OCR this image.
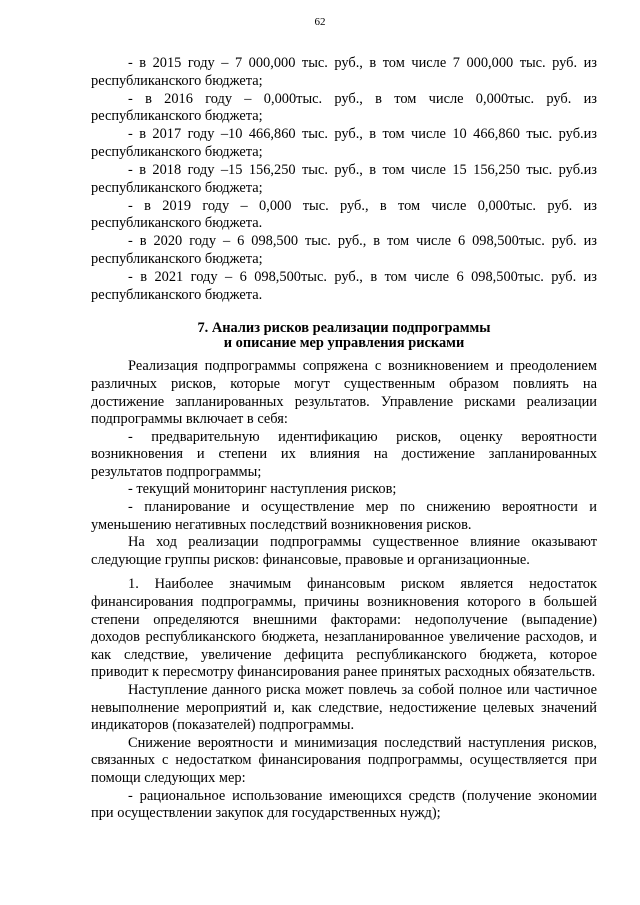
62

- в 2015 году – 7 000,000 тыс. руб., в том числе 7 000,000 тыс. руб. из республиканского бюджета;

- в 2016 году – 0,000тыс. руб., в том числе 0,000тыс. руб. из республиканского бюджета;

- в 2017 году –10 466,860 тыс. руб., в том числе 10 466,860 тыс. руб.из республиканского бюджета;

- в 2018 году –15 156,250 тыс. руб., в том числе 15 156,250 тыс. руб.из республиканского бюджета;

- в 2019 году – 0,000 тыс. руб., в том числе 0,000тыс. руб. из республиканского бюджета.

- в 2020 году – 6 098,500 тыс. руб., в том числе 6 098,500тыс. руб. из республиканского бюджета;

- в 2021 году – 6 098,500тыс. руб., в том числе 6 098,500тыс. руб. из республиканского бюджета.

7. Анализ рисков реализации подпрограммы
и описание мер управления рисками

Реализация подпрограммы сопряжена с возникновением и преодолением различных рисков, которые могут существенным образом повлиять на достижение запланированных результатов. Управление рисками реализации подпрограммы включает в себя:

- предварительную идентификацию рисков, оценку вероятности возникновения и степени их влияния на достижение запланированных результатов подпрограммы;

- текущий мониторинг наступления рисков;

- планирование и осуществление мер по снижению вероятности и уменьшению негативных последствий возникновения рисков.

На ход реализации подпрограммы существенное влияние оказывают следующие группы рисков: финансовые, правовые и организационные.

1. Наиболее значимым финансовым риском является недостаток финансирования подпрограммы, причины возникновения которого в большей степени определяются внешними факторами: недополучение (выпадение) доходов республиканского бюджета, незапланированное увеличение расходов, и как следствие, увеличение дефицита республиканского бюджета, которое приводит к пересмотру финансирования ранее принятых расходных обязательств.

Наступление данного риска может повлечь за собой полное или частичное невыполнение мероприятий и, как следствие, недостижение целевых значений индикаторов (показателей) подпрограммы.

Снижение вероятности и минимизация последствий наступления рисков, связанных с недостатком финансирования подпрограммы, осуществляется при помощи следующих мер:

- рациональное использование имеющихся средств (получение экономии при осуществлении закупок для государственных нужд);
